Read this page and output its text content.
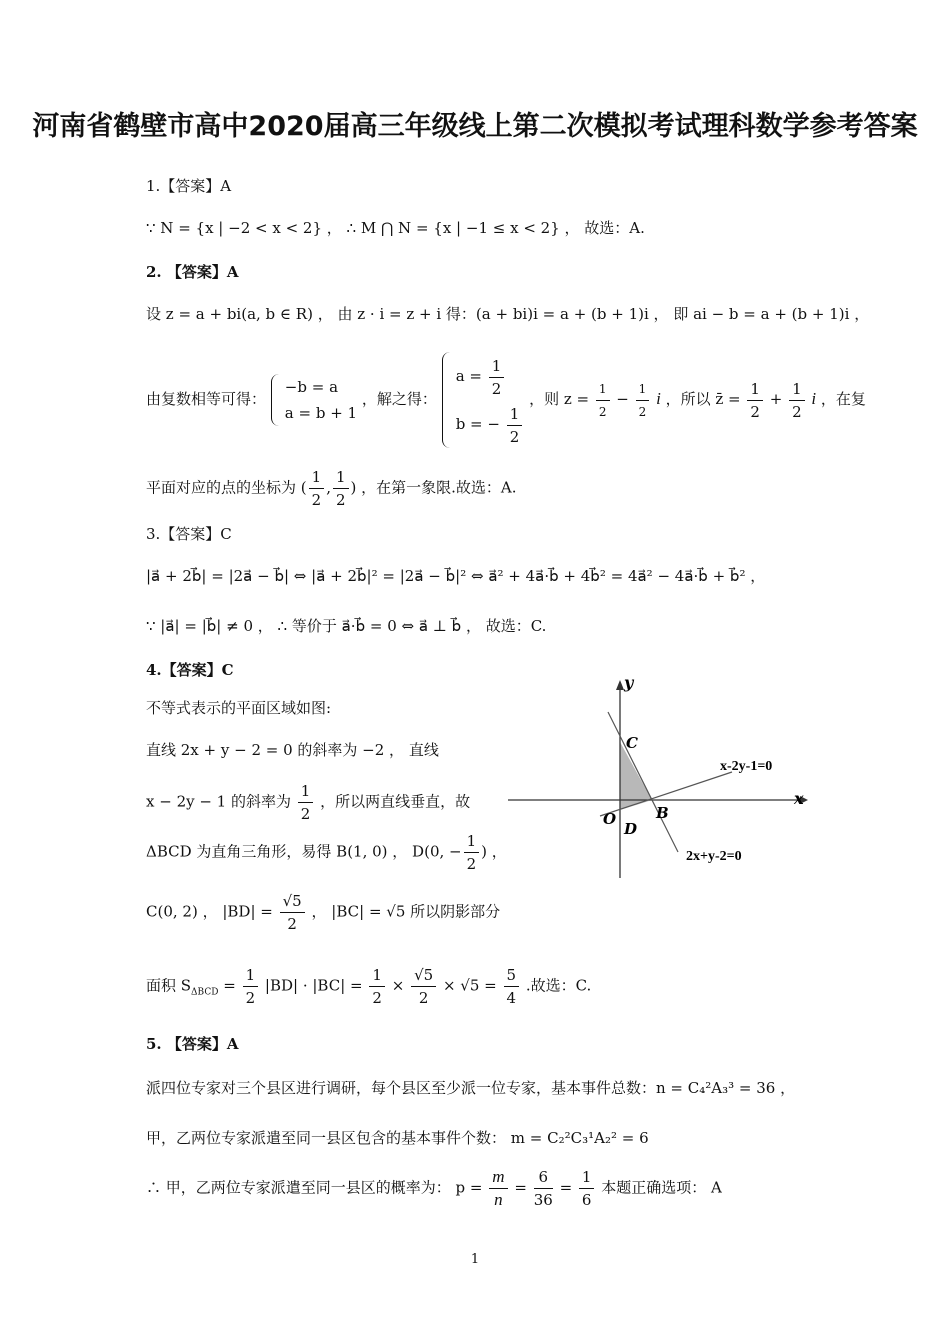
河南省鹤壁市高中2020届高三年级线上第二次模拟考试理科数学参考答案
1.【答案】A
∵ N = {x | −2 < x < 2} ， ∴ M ⋂ N = {x | −1 ≤ x < 2} ， 故选：A.
2. 【答案】A
设 z = a + bi(a, b ∈ R) ， 由 z · i = z + i 得：(a + bi)i = a + (b + 1)i ， 即 ai − b = a + (b + 1)i ，
由复数相等可得：
−b = a
a = b + 1
，解之得：
$a = \frac{1}{2}$
b = − $\frac{1}{2}$
，则 $z = \frac{1}{2} - \frac{1}{2}$ i ，所以 z̄ = $\frac{1}{2} + \frac{1}{2}$ i ，在复
平面对应的点的坐标为 ( $\frac{1}{2}$ , $\frac{1}{2}$ ) ，在第一象限.故选：A.
3.【答案】C
|a⃗ + 2b⃗| = |2a⃗ − b⃗| ⇔ |a⃗ + 2b⃗|² = |2a⃗ − b⃗|² ⇔ a⃗² + 4a⃗·b⃗ + 4b⃗² = 4a⃗² − 4a⃗·b⃗ + b⃗² ，
∵ |a⃗| = |b⃗| ≠ 0 ， ∴ 等价于 a⃗·b⃗ = 0 ⇔ a⃗ ⊥ b⃗ ， 故选：C.
4.【答案】C
不等式表示的平面区域如图:
直线 2x + y − 2 = 0 的斜率为 −2 ， 直线
x − 2y − 1 的斜率为 $\frac{1}{2}$ ，所以两直线垂直，故
ΔBCD 为直角三角形，易得 B(1, 0) ， D(0, − $\frac{1}{2}$ ) ，
C(0, 2) ， $|BD| = \frac{√5}{2}$ ， |BC| = √5 所以阴影部分
面积 $S_{\Delta BCD} = \frac{1}{2} |BD| \cdot |BC| = \frac{1}{2} \times \frac{√5}{2} \times √5 = \frac{5}{4}$ .故选：C.
y
x
C
O
D
B
x-2y-1=0
2x+y-2=0
5. 【答案】A
派四位专家对三个县区进行调研，每个县区至少派一位专家，基本事件总数：n = C₄²A₃³ = 36 ，
甲，乙两位专家派遣至同一县区包含的基本事件个数： m = C₂²C₃¹A₂² = 6
∴ 甲，乙两位专家派遣至同一县区的概率为： $p = \frac{m}{n} = \frac{6}{36} = \frac{1}{6}$ 本题正确选项： A
1
